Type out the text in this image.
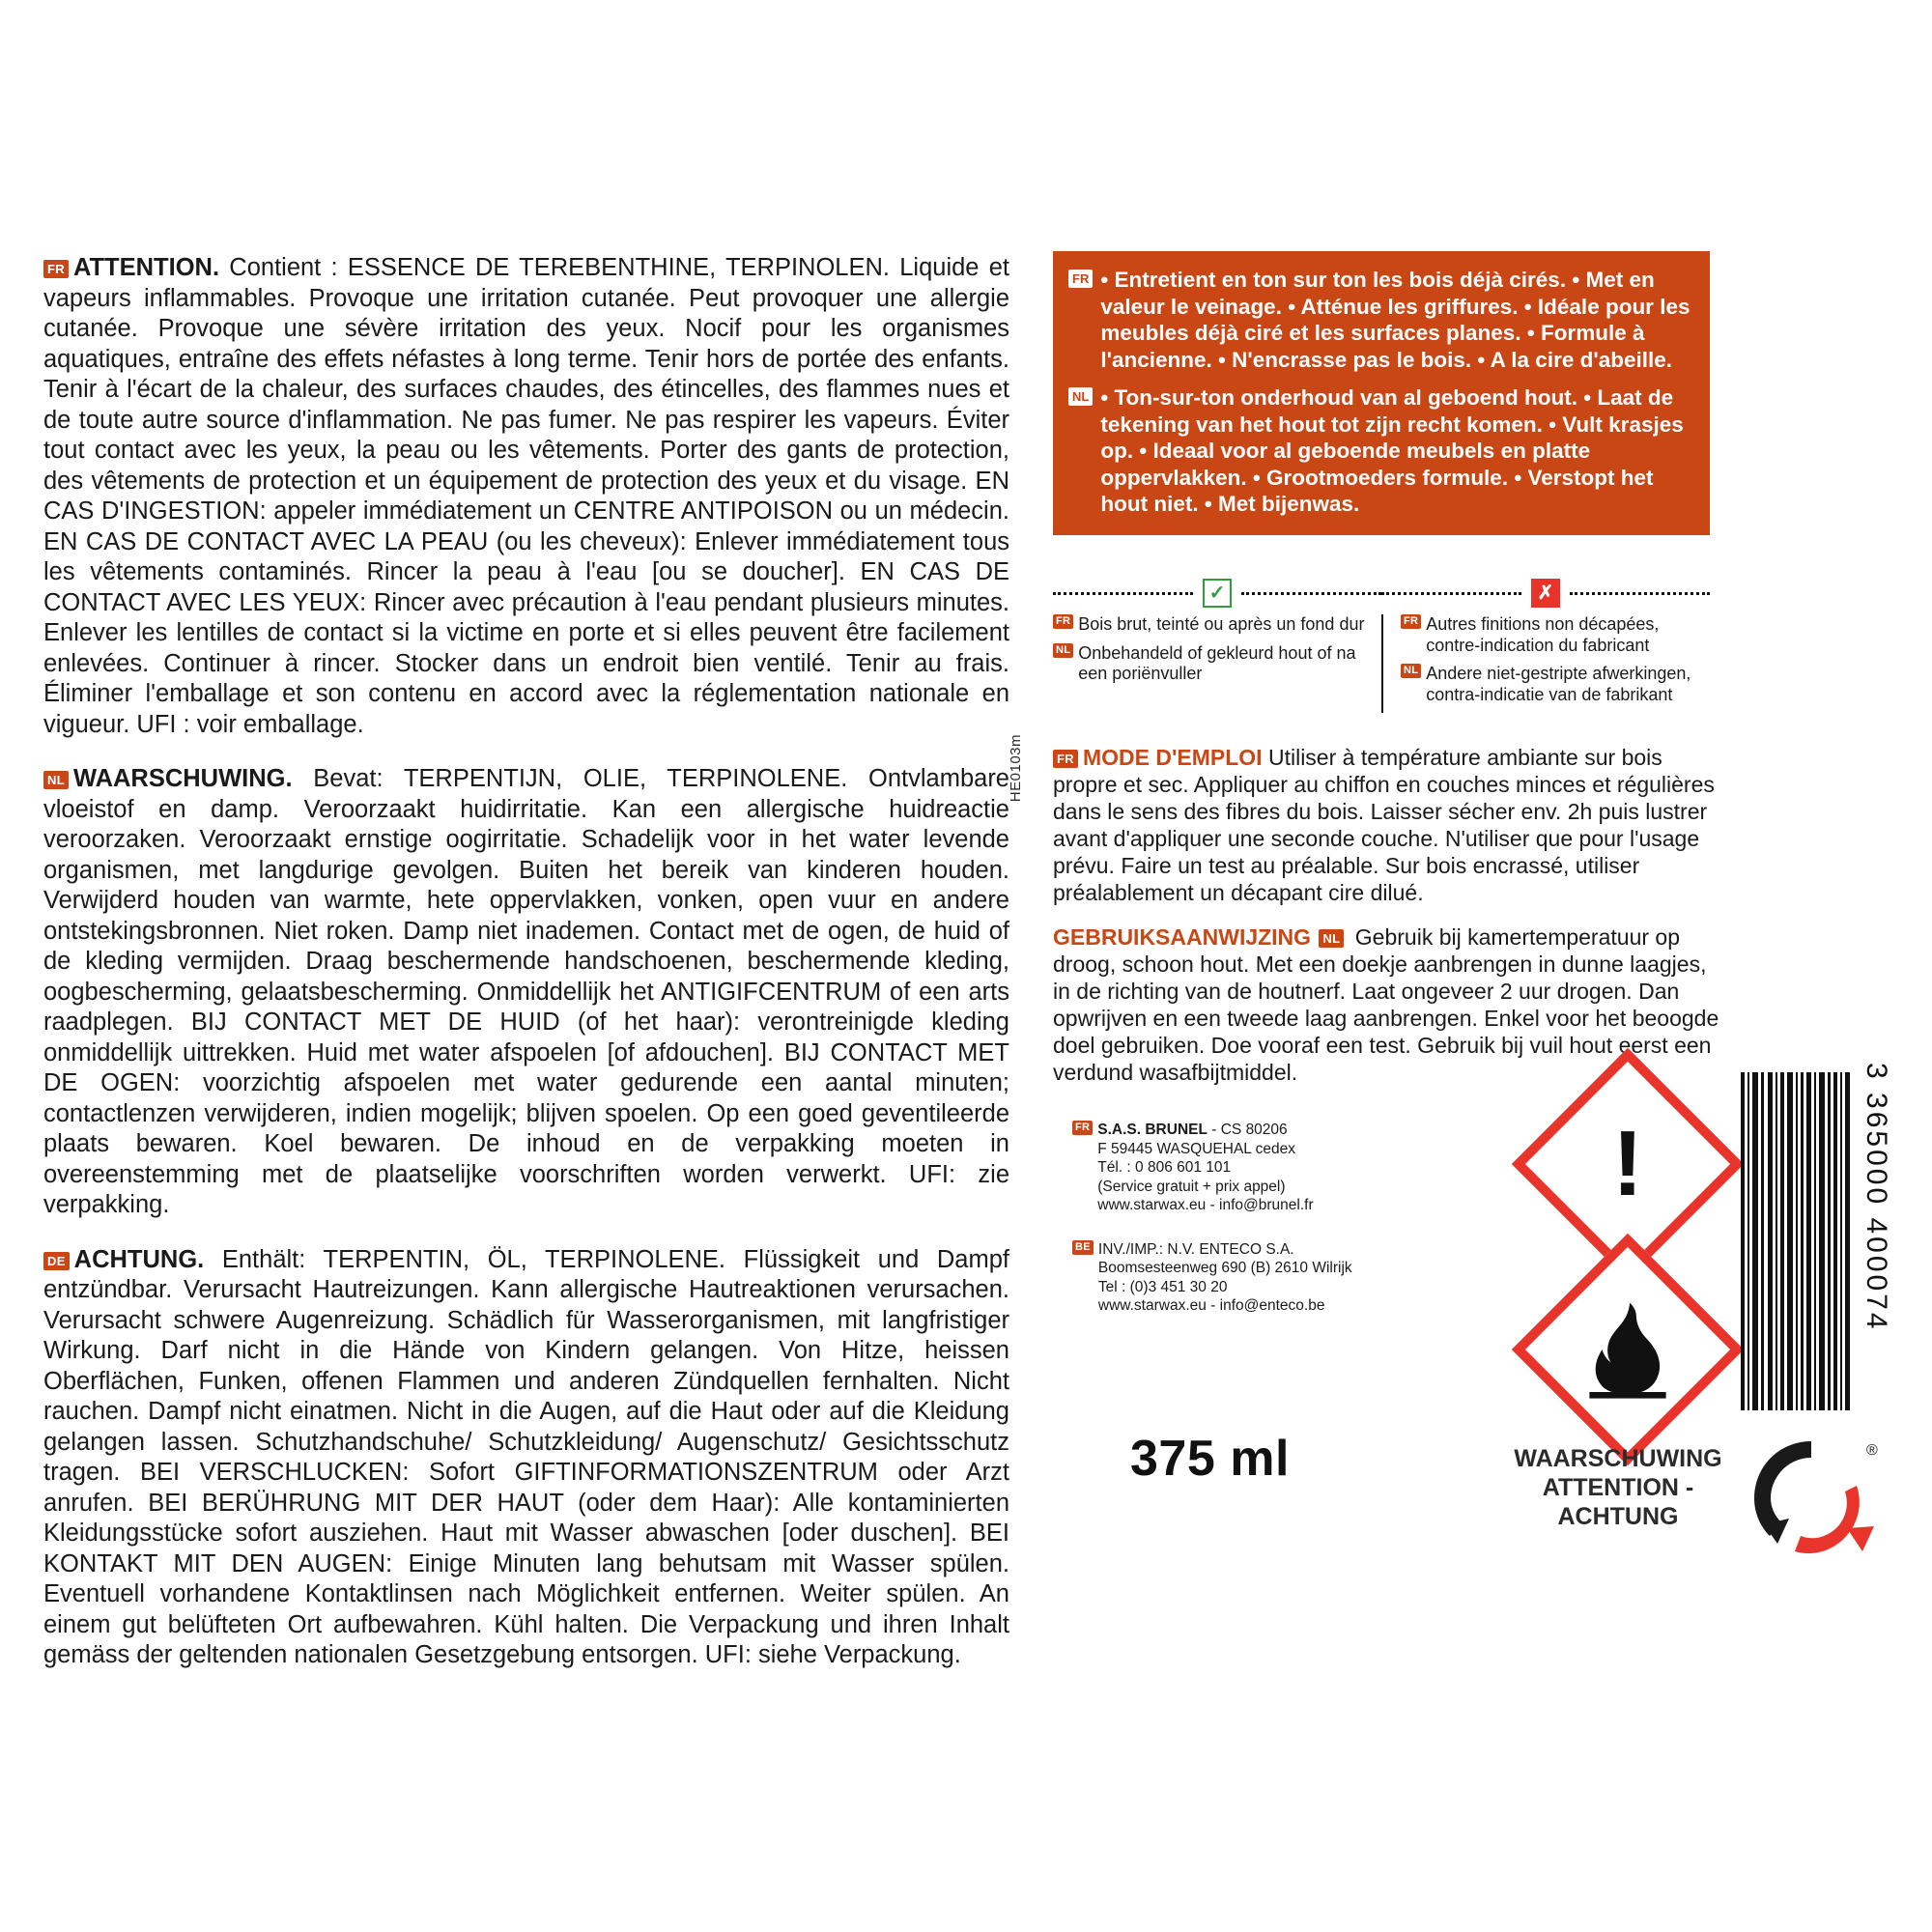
FR ATTENTION. Contient : ESSENCE DE TEREBENTHINE, TERPINOLEN. Liquide et vapeurs inflammables. Provoque une irritation cutanée. Peut provoquer une allergie cutanée. Provoque une sévère irritation des yeux. Nocif pour les organismes aquatiques, entraîne des effets néfastes à long terme. Tenir hors de portée des enfants. Tenir à l'écart de la chaleur, des surfaces chaudes, des étincelles, des flammes nues et de toute autre source d'inflammation. Ne pas fumer. Ne pas respirer les vapeurs. Éviter tout contact avec les yeux, la peau ou les vêtements. Porter des gants de protection, des vêtements de protection et un équipement de protection des yeux et du visage. EN CAS D'INGESTION: appeler immédiatement un CENTRE ANTIPOISON ou un médecin. EN CAS DE CONTACT AVEC LA PEAU (ou les cheveux): Enlever immédiatement tous les vêtements contaminés. Rincer la peau à l'eau [ou se doucher]. EN CAS DE CONTACT AVEC LES YEUX: Rincer avec précaution à l'eau pendant plusieurs minutes. Enlever les lentilles de contact si la victime en porte et si elles peuvent être facilement enlevées. Continuer à rincer. Stocker dans un endroit bien ventilé. Tenir au frais. Éliminer l'emballage et son contenu en accord avec la réglementation nationale en vigueur. UFI : voir emballage.
NL WAARSCHUWING. Bevat: TERPENTIJN, OLIE, TERPINOLENE. Ontvlambare vloeistof en damp. Veroorzaakt huidirritatie. Kan een allergische huidreactie veroorzaken. Veroorzaakt ernstige oogirritatie. Schadelijk voor in het water levende organismen, met langdurige gevolgen. Buiten het bereik van kinderen houden. Verwijderd houden van warmte, hete oppervlakken, vonken, open vuur en andere ontstekingsbronnen. Niet roken. Damp niet inademen. Contact met de ogen, de huid of de kleding vermijden. Draag beschermende handschoenen, beschermende kleding, oogbescherming, gelaatsbescherming. Onmiddellijk het ANTIGIFCENTRUM of een arts raadplegen. BIJ CONTACT MET DE HUID (of het haar): verontreinigde kleding onmiddellijk uittrekken. Huid met water afspoelen [of afdouchen]. BIJ CONTACT MET DE OGEN: voorzichtig afspoelen met water gedurende een aantal minuten; contactlenzen verwijderen, indien mogelijk; blijven spoelen. Op een goed geventileerde plaats bewaren. Koel bewaren. De inhoud en de verpakking moeten in overeenstemming met de plaatselijke voorschriften worden verwerkt. UFI: zie verpakking.
DE ACHTUNG. Enthält: TERPENTIN, ÖL, TERPINOLENE. Flüssigkeit und Dampf entzündbar. Verursacht Hautreizungen. Kann allergische Hautreaktionen verursachen. Verursacht schwere Augenreizung. Schädlich für Wasserorganismen, mit langfristiger Wirkung. Darf nicht in die Hände von Kindern gelangen. Von Hitze, heissen Oberflächen, Funken, offenen Flammen und anderen Zündquellen fernhalten. Nicht rauchen. Dampf nicht einatmen. Nicht in die Augen, auf die Haut oder auf die Kleidung gelangen lassen. Schutzhandschuhe/ Schutzkleidung/ Augenschutz/ Gesichtsschutz tragen. BEI VERSCHLUCKEN: Sofort GIFTINFORMATIONSZENTRUM oder Arzt anrufen. BEI BERÜHRUNG MIT DER HAUT (oder dem Haar): Alle kontaminierten Kleidungsstücke sofort ausziehen. Haut mit Wasser abwaschen [oder duschen]. BEI KONTAKT MIT DEN AUGEN: Einige Minuten lang behutsam mit Wasser spülen. Eventuell vorhandene Kontaktlinsen nach Möglichkeit entfernen. Weiter spülen. An einem gut belüfteten Ort aufbewahren. Kühl halten. Die Verpackung und ihren Inhalt gemäss der geltenden nationalen Gesetzgebung entsorgen. UFI: siehe Verpackung.
HE0103m
FR • Entretient en ton sur ton les bois déjà cirés. • Met en valeur le veinage. • Atténue les griffures. • Idéale pour les meubles déjà ciré et les surfaces planes. • Formule à l'ancienne. • N'encrasse pas le bois. • A la cire d'abeille.
NL • Ton-sur-ton onderhoud van al geboend hout. • Laat de tekening van het hout tot zijn recht komen. • Vult krasjes op. • Ideaal voor al geboende meubels en platte oppervlakken. • Grootmoeders formule. • Verstopt het hout niet. • Met bijenwas.
✓	✗
FR Bois brut, teinté ou après un fond dur
NL Onbehandeld of gekleurd hout of na een poriënvuller
FR Autres finitions non décapées, contre-indication du fabricant
NL Andere niet-gestripte afwerkingen, contra-indicatie van de fabrikant
FR MODE D'EMPLOI Utiliser à température ambiante sur bois propre et sec. Appliquer au chiffon en couches minces et régulières dans le sens des fibres du bois. Laisser sécher env. 2h puis lustrer avant d'appliquer une seconde couche. N'utiliser que pour l'usage prévu. Faire un test au préalable. Sur bois encrassé, utiliser préalablement un décapant cire dilué.
GEBRUIKSAANWIJZING NL Gebruik bij kamertemperatuur op droog, schoon hout. Met een doekje aanbrengen in dunne laagjes, in de richting van de houtnerf. Laat ongeveer 2 uur drogen. Dan opwrijven en een tweede laag aanbrengen. Enkel voor het beoogde doel gebruiken. Doe vooraf een test. Gebruik bij vuil hout eerst een verdund wasafbijtmiddel.
FR S.A.S. BRUNEL - CS 80206
F 59445 WASQUEHAL cedex
Tél. : 0 806 601 101
(Service gratuit + prix appel)
www.starwax.eu - info@brunel.fr
BE INV./IMP.: N.V. ENTECO S.A.
Boomsesteenweg 690 (B) 2610 Wilrijk
Tel : (0)3 451 30 20
www.starwax.eu - info@enteco.be
375 ml
!
WAARSCHUWING
ATTENTION - ACHTUNG
3 365000 400074
®
